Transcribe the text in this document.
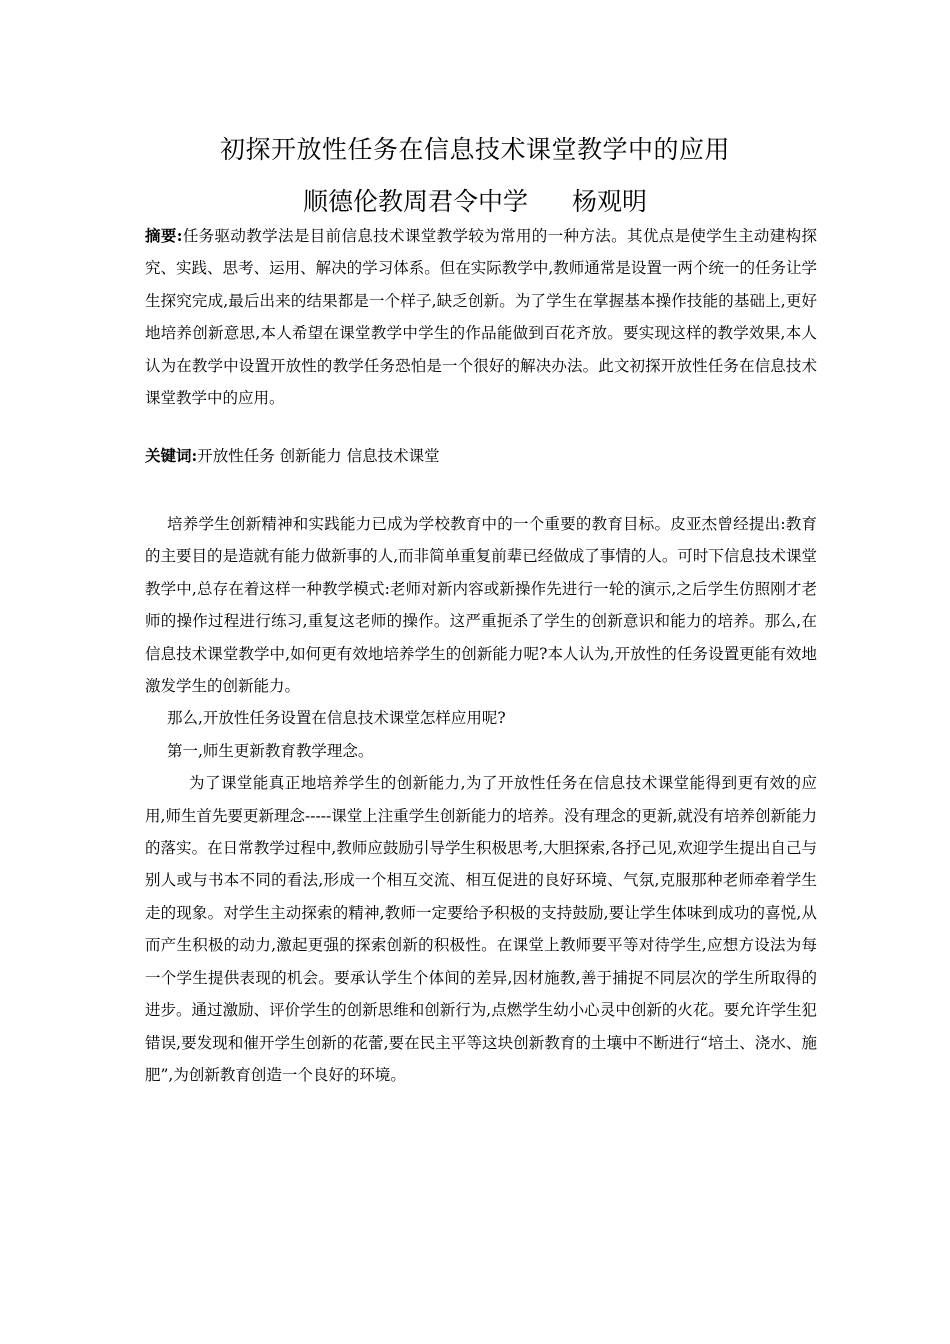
初探开放性任务在信息技术课堂教学中的应用
顺德伦教周君令中学 杨观明
摘要:任务驱动教学法是目前信息技术课堂教学较为常用的一种方法。其优点是使学生主动建构探究、实践、思考、运用、解决的学习体系。但在实际教学中,教师通常是设置一两个统一的任务让学生探究完成,最后出来的结果都是一个样子,缺乏创新。为了学生在掌握基本操作技能的基础上,更好地培养创新意思,本人希望在课堂教学中学生的作品能做到百花齐放。要实现这样的教学效果,本人认为在教学中设置开放性的教学任务恐怕是一个很好的解决办法。此文初探开放性任务在信息技术课堂教学中的应用。
关键词:开放性任务 创新能力 信息技术课堂

培养学生创新精神和实践能力已成为学校教育中的一个重要的教育目标。皮亚杰曾经提出:教育的主要目的是造就有能力做新事的人,而非简单重复前辈已经做成了事情的人。可时下信息技术课堂教学中,总存在着这样一种教学模式:老师对新内容或新操作先进行一轮的演示,之后学生仿照刚才老师的操作过程进行练习,重复这老师的操作。这严重扼杀了学生的创新意识和能力的培养。那么,在信息技术课堂教学中,如何更有效地培养学生的创新能力呢?本人认为,开放性的任务设置更能有效地激发学生的创新能力。

那么,开放性任务设置在信息技术课堂怎样应用呢?

第一,师生更新教育教学理念。

为了课堂能真正地培养学生的创新能力,为了开放性任务在信息技术课堂能得到更有效的应用,师生首先要更新理念-----课堂上注重学生创新能力的培养。没有理念的更新,就没有培养创新能力的落实。在日常教学过程中,教师应鼓励引导学生积极思考,大胆探索,各抒己见,欢迎学生提出自己与别人或与书本不同的看法,形成一个相互交流、相互促进的良好环境、气氛,克服那种老师牵着学生走的现象。对学生主动探索的精神,教师一定要给予积极的支持鼓励,要让学生体味到成功的喜悦,从而产生积极的动力,激起更强的探索创新的积极性。在课堂上教师要平等对待学生,应想方设法为每一个学生提供表现的机会。要承认学生个体间的差异,因材施教,善于捕捉不同层次的学生所取得的进步。通过激励、评价学生的创新思维和创新行为,点燃学生幼小心灵中创新的火花。要允许学生犯错误,要发现和催开学生创新的花蕾,要在民主平等这块创新教育的土壤中不断进行“培土、浇水、施肥”,为创新教育创造一个良好的环境。
